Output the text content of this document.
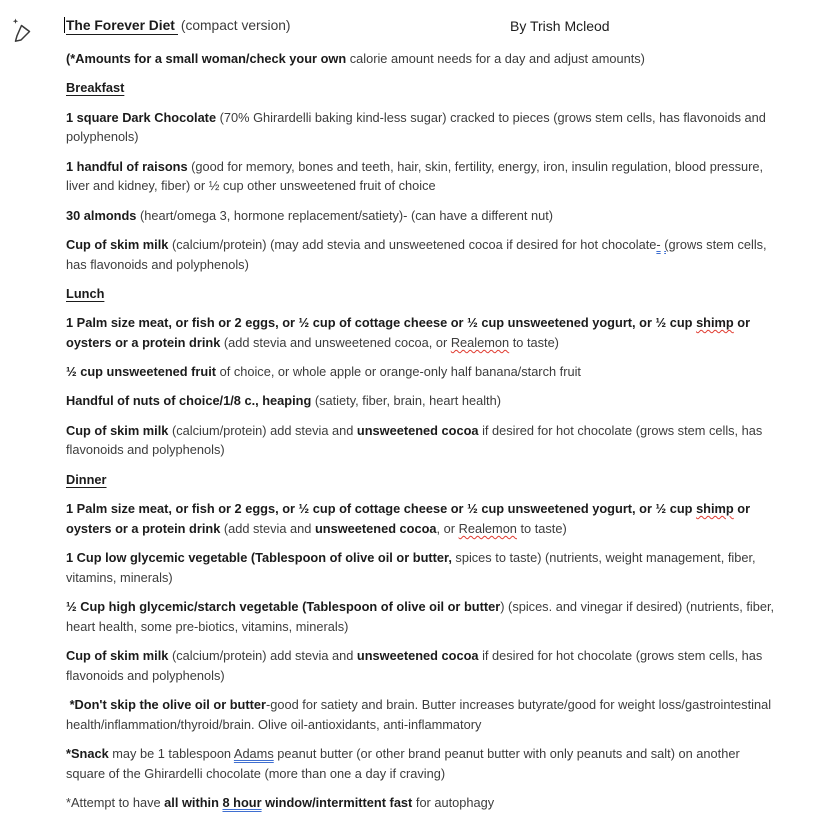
The Forever Diet (compact version)	By Trish Mcleod

(*Amounts for a small woman/check your own calorie amount needs for a day and adjust amounts)

Breakfast

1 square Dark Chocolate (70% Ghirardelli baking kind-less sugar) cracked to pieces (grows stem cells, has flavonoids and polyphenols)

1 handful of raisons (good for memory, bones and teeth, hair, skin, fertility, energy, iron, insulin regulation, blood pressure, liver and kidney, fiber) or ½ cup other unsweetened fruit of choice

30 almonds (heart/omega 3, hormone replacement/satiety)- (can have a different nut)

Cup of skim milk (calcium/protein) (may add stevia and unsweetened cocoa if desired for hot chocolate- (grows stem cells, has flavonoids and polyphenols)

Lunch

1 Palm size meat, or fish or 2 eggs, or ½ cup of cottage cheese or ½ cup unsweetened yogurt, or ½ cup shimp or oysters or a protein drink (add stevia and unsweetened cocoa, or Realemon to taste)

½ cup unsweetened fruit of choice, or whole apple or orange-only half banana/starch fruit

Handful of nuts of choice/1/8 c., heaping (satiety, fiber, brain, heart health)

Cup of skim milk (calcium/protein) add stevia and unsweetened cocoa if desired for hot chocolate (grows stem cells, has flavonoids and polyphenols)

Dinner

1 Palm size meat, or fish or 2 eggs, or ½ cup of cottage cheese or ½ cup unsweetened yogurt, or ½ cup shimp or oysters or a protein drink (add stevia and unsweetened cocoa, or Realemon to taste)

1 Cup low glycemic vegetable (Tablespoon of olive oil or butter, spices to taste) (nutrients, weight management, fiber, vitamins, minerals)

½ Cup high glycemic/starch vegetable (Tablespoon of olive oil or butter) (spices. and vinegar if desired) (nutrients, fiber, heart health, some pre-biotics, vitamins, minerals)

Cup of skim milk (calcium/protein) add stevia and unsweetened cocoa if desired for hot chocolate (grows stem cells, has flavonoids and polyphenols)

*Don't skip the olive oil or butter-good for satiety and brain. Butter increases butyrate/good for weight loss/gastrointestinal health/inflammation/thyroid/brain. Olive oil-antioxidants, anti-inflammatory

*Snack may be 1 tablespoon Adams peanut butter (or other brand peanut butter with only peanuts and salt) on another square of the Ghirardelli chocolate (more than one a day if craving)

*Attempt to have all within 8 hour window/intermittent fast for autophagy
